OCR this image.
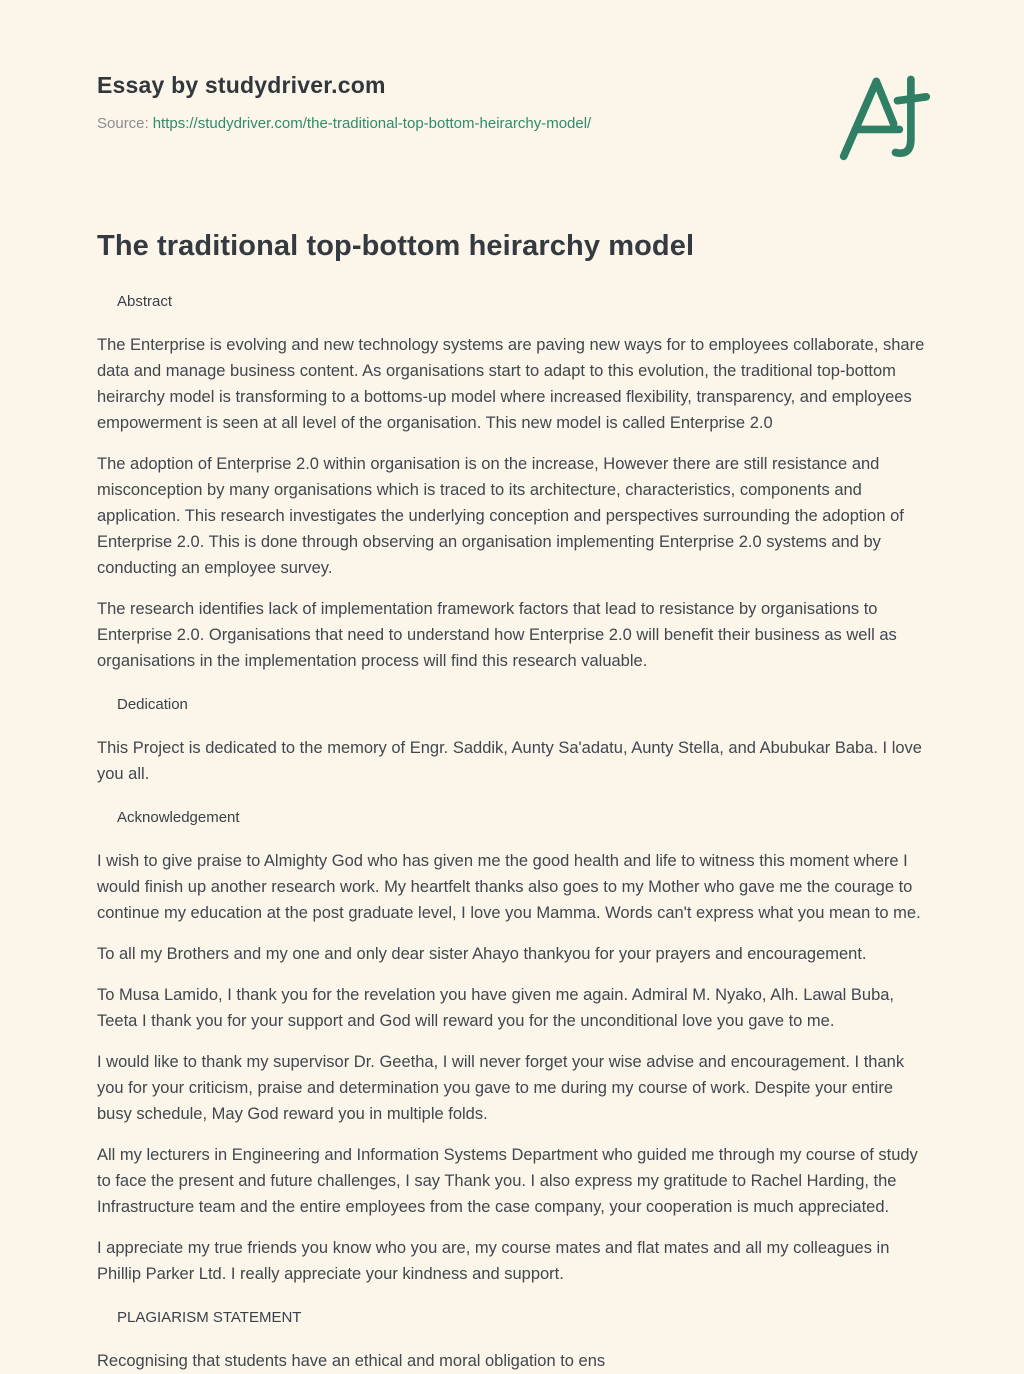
Essay by studydriver.com
Source: https://studydriver.com/the-traditional-top-bottom-heirarchy-model/
The traditional top-bottom heirarchy model
Abstract

The Enterprise is evolving and new technology systems are paving new ways for to employees collaborate, share data and manage business content. As organisations start to adapt to this evolution, the traditional top-bottom heirarchy model is transforming to a bottoms-up model where increased flexibility, transparency, and employees empowerment is seen at all level of the organisation. This new model is called Enterprise 2.0

The adoption of Enterprise 2.0 within organisation is on the increase, However there are still resistance and misconception by many organisations which is traced to its architecture, characteristics, components and application. This research investigates the underlying conception and perspectives surrounding the adoption of Enterprise 2.0. This is done through observing an organisation implementing Enterprise 2.0 systems and by conducting an employee survey.

The research identifies lack of implementation framework factors that lead to resistance by organisations to Enterprise 2.0. Organisations that need to understand how Enterprise 2.0 will benefit their business as well as organisations in the implementation process will find this research valuable.

Dedication

This Project is dedicated to the memory of Engr. Saddik, Aunty Sa'adatu, Aunty Stella, and Abubukar Baba. I love you all.

Acknowledgement

I wish to give praise to Almighty God who has given me the good health and life to witness this moment where I would finish up another research work. My heartfelt thanks also goes to my Mother who gave me the courage to continue my education at the post graduate level, I love you Mamma. Words can't express what you mean to me.

To all my Brothers and my one and only dear sister Ahayo thankyou for your prayers and encouragement.

To Musa Lamido, I thank you for the revelation you have given me again. Admiral M. Nyako, Alh. Lawal Buba, Teeta I thank you for your support and God will reward you for the unconditional love you gave to me.

I would like to thank my supervisor Dr. Geetha, I will never forget your wise advise and encouragement. I thank you for your criticism, praise and determination you gave to me during my course of work. Despite your entire busy schedule, May God reward you in multiple folds.

All my lecturers in Engineering and Information Systems Department who guided me through my course of study to face the present and future challenges, I say Thank you. I also express my gratitude to Rachel Harding, the Infrastructure team and the entire employees from the case company, your cooperation is much appreciated.

I appreciate my true friends you know who you are, my course mates and flat mates and all my colleagues in Phillip Parker Ltd. I really appreciate your kindness and support.

PLAGIARISM STATEMENT

Recognising that students have an ethical and moral obligation to ens
